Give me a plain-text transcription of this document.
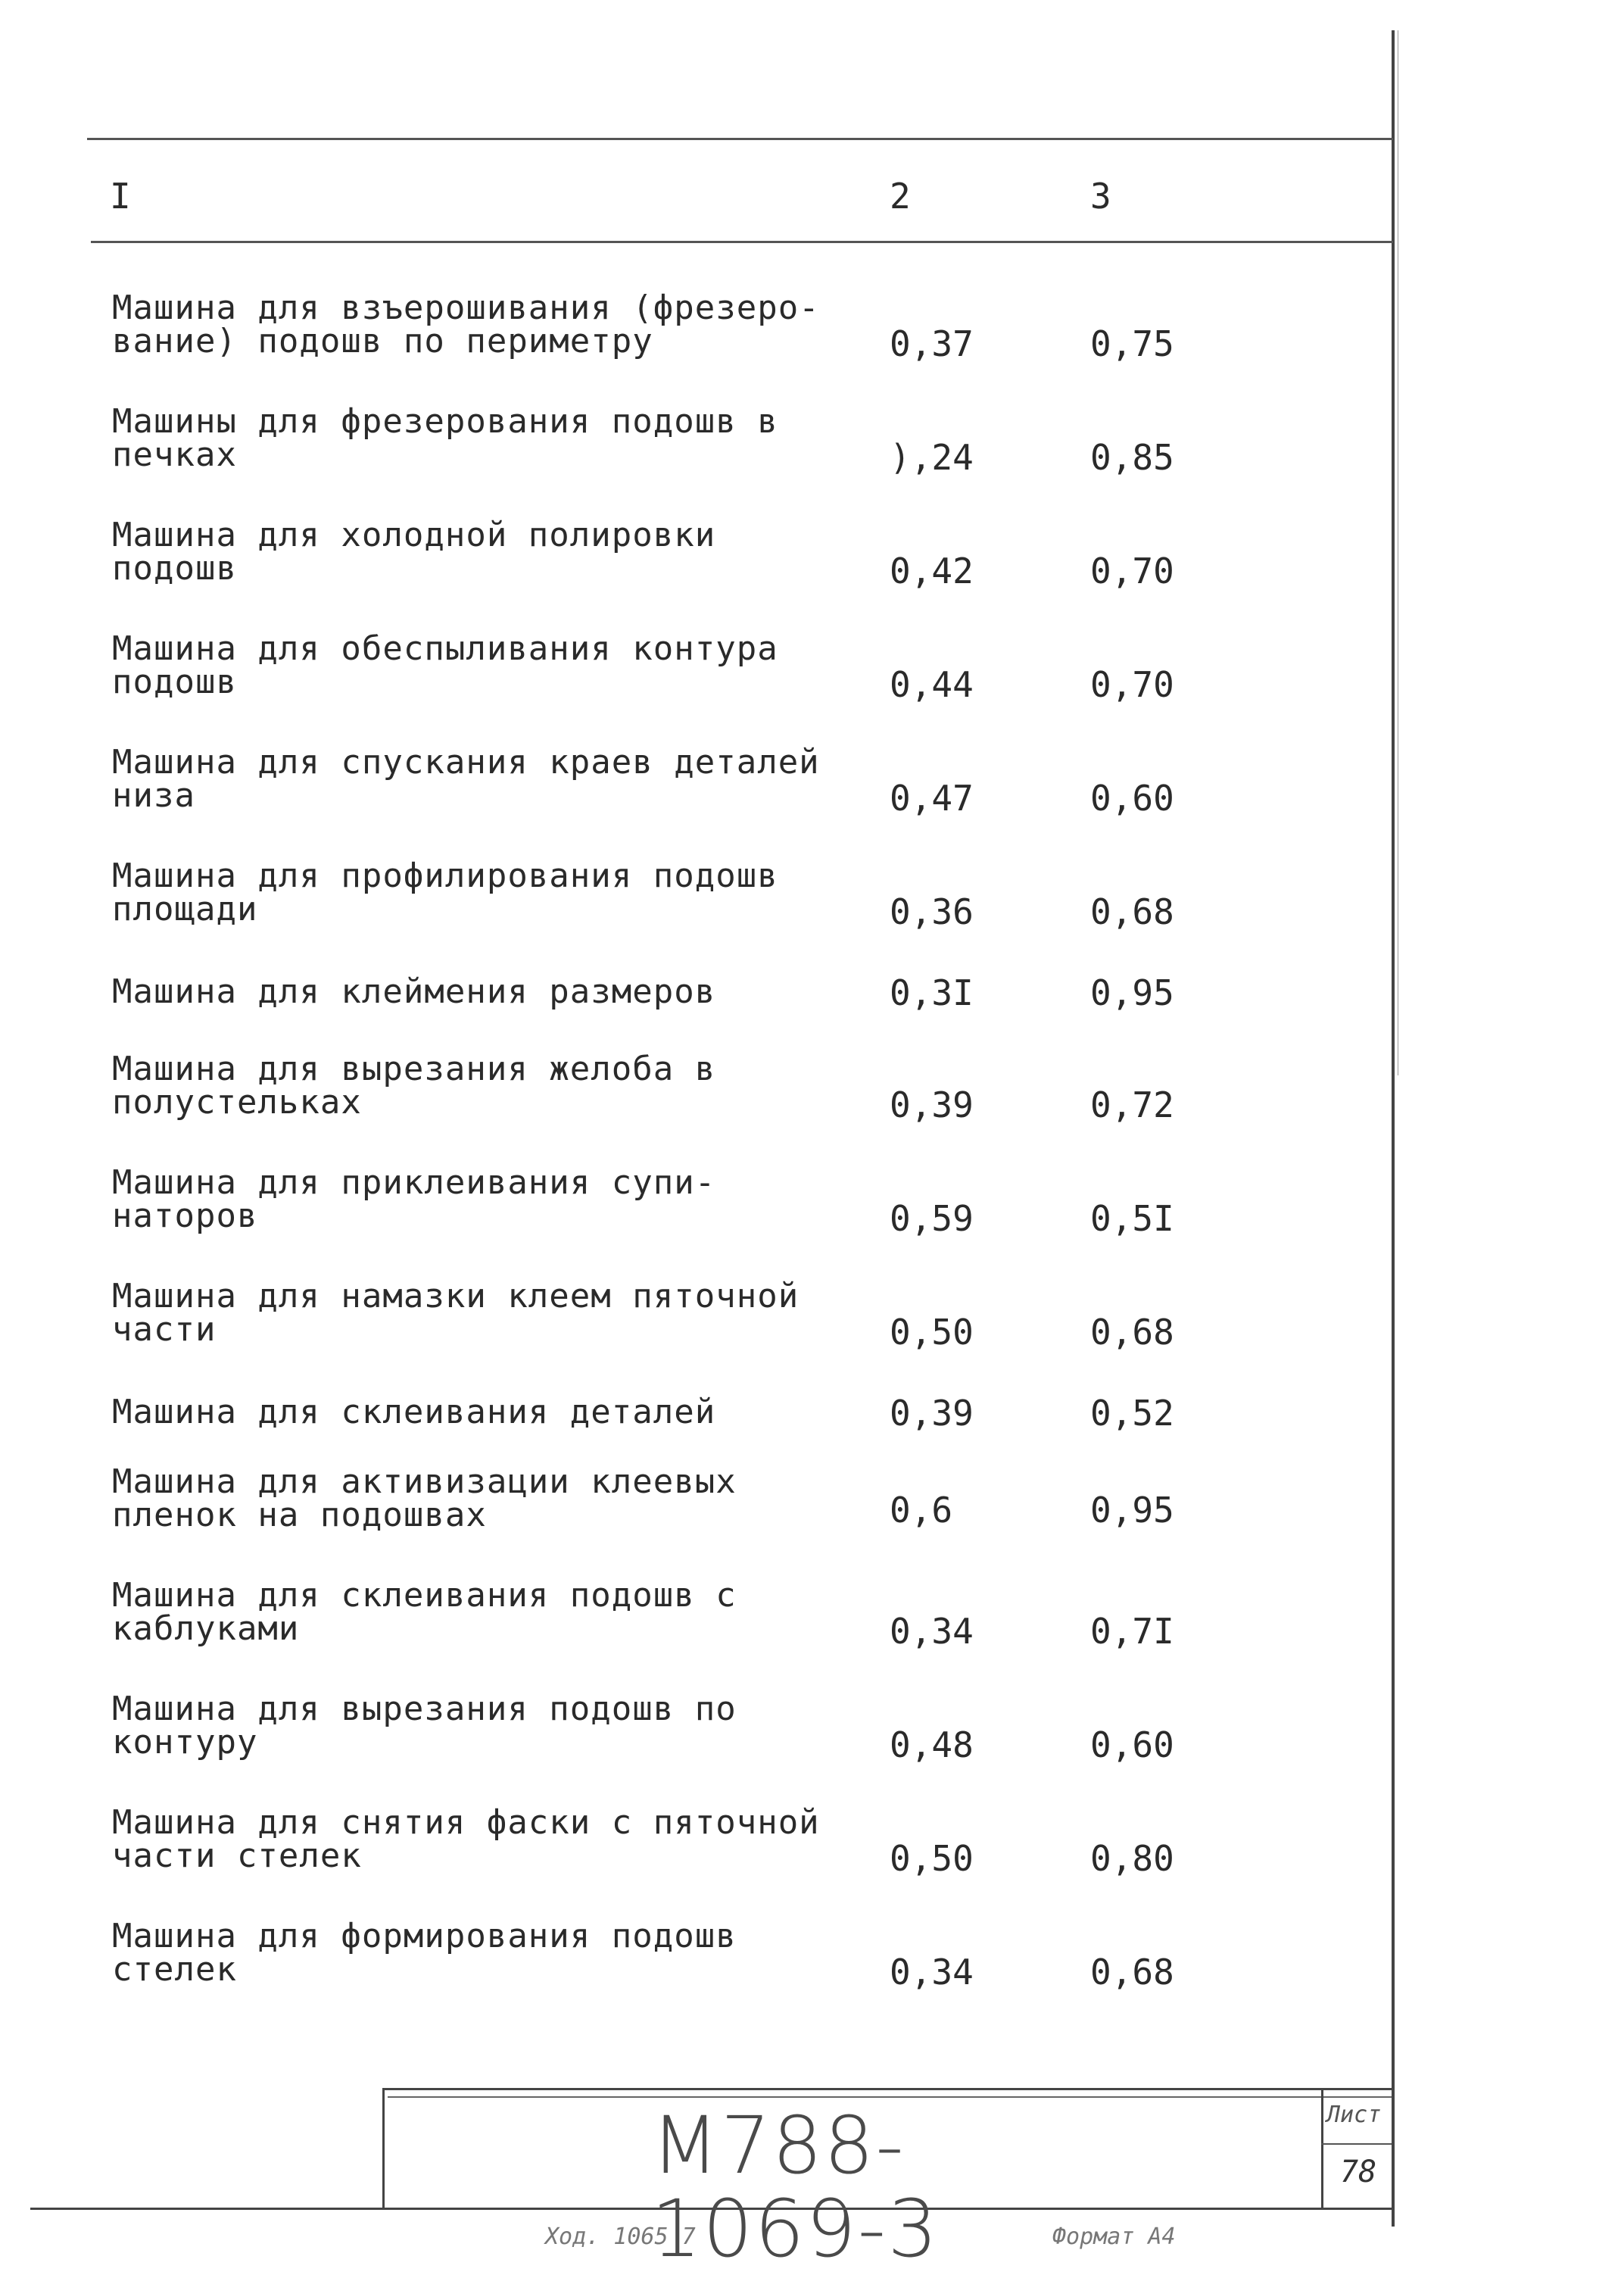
I	2	3
Машина для взъерошивания (фрезеро-
вание) подошв по периметру	0,37	0,75
Машины для фрезерования подошв в
печках	),24	0,85
Машина для холодной полировки
подошв	0,42	0,70
Машина для обеспыливания контура
подошв	0,44	0,70
Машина для спускания краев деталей
низа	0,47	0,60
Машина для профилирования подошв
площади	0,36	0,68
Машина для клеймения размеров	0,3I	0,95
Машина для вырезания желоба в
полустельках	0,39	0,72
Машина для приклеивания супи-
наторов	0,59	0,5I
Машина для намазки клеем пяточной
части	0,50	0,68
Машина для склеивания деталей	0,39	0,52
Машина для активизации клеевых
пленок на подошвах	0,6	0,95
Машина для склеивания подошв с
каблуками	0,34	0,7I
Машина для вырезания подошв по
контуру	0,48	0,60
Машина для снятия фаски с пяточной
части стелек	0,50	0,80
Машина для формирования подошв
стелек	0,34	0,68
M788-1069-3
Лист
78
Ход. 1065 7	Формат А4
